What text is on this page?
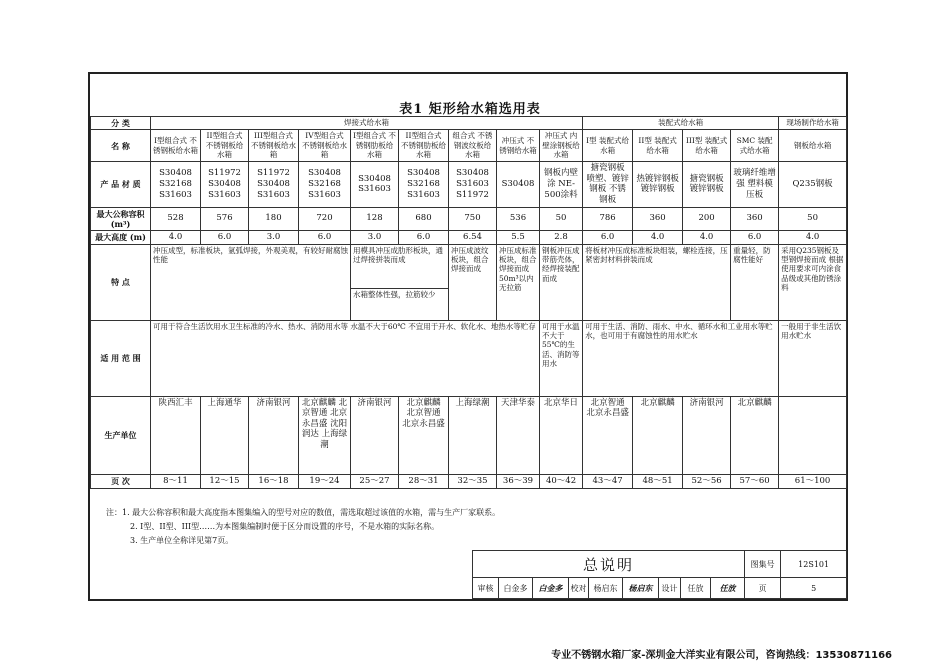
表1 矩形给水箱选用表
分 类	焊接式给水箱									装配式给水箱				现场制作给水箱
名 称	I型组合式 不锈钢板给水箱	II型组合式 不锈钢板给水箱	III型组合式 不锈钢板给水箱	IV型组合式 不锈钢板给水箱	I型组合式 不锈钢肋板给水箱	II型组合式 不锈钢肋板给水箱	组合式 不锈钢波纹板给水箱	冲压式 不锈钢给水箱	冲压式 内壁涂钢板给水箱	I型 装配式给水箱	II型 装配式给水箱	III型 装配式给水箱	SMC 装配式给水箱	钢板给水箱
产 品 材 质	S30408 S32168 S31603	S11972 S30408 S31603	S11972 S30408 S31603	S30408 S32168 S31603	S30408 S31603	S30408 S32168 S31603	S30408 S31603 S11972	S30408	钢板内壁涂 NE-500涂料	搪瓷钢板 喷塑、镀锌钢板 不锈钢板	热镀锌钢板 镀锌钢板	搪瓷钢板 镀锌钢板	玻璃纤维增强 塑料模压板	Q235钢板
最大公称容积(m³)	528	576	180	720	128	680	750	536	50	786	360	200	360	50
最大高度 (m)	4.0	6.0	3.0	6.0	3.0	6.0	6.54	5.5	2.8	6.0	4.0	4.0	6.0	4.0
特 点	冲压成型，标准板块，氩弧焊接，外观美观，有较好耐腐蚀性能				用模具冲压成肋形板块，通过焊接拼装而成		冲压成波纹板块，组合焊接而成	冲压成标准板块，组合焊接而成 50m³以内无拉筋	钢板冲压成带筋壳体，经焊接装配而成	将板材冲压成标准板块组装，螺栓连接，压紧密封材料拼装而成			重量轻，防腐性能好	采用Q235钢板及型钢焊接而成 根据使用要求可内涂食品级或其他防锈涂料
					水箱整体性强，拉筋较少									
适 用 范 围	可用于符合生活饮用水卫生标准的冷水、热水、消防用水等 水温不大于60℃ 不宜用于开水、软化水、地热水等贮存								可用于水温不大于55℃的生活、消防等用水	可用于生活、消防、雨水、中水、循环水和工业用水等贮水，也可用于有腐蚀性的用水贮水				一般用于非生活饮用水贮水
生产单位	陕西汇丰	上海通华	济南银河	北京麒麟 北京智通 北京永昌盛 沈阳润达 上海绿潮	济南银河	北京麒麟 北京智通 北京永昌盛	上海绿潮	天津华泰	北京华日	北京智通 北京永昌盛	北京麒麟	济南银河	北京麒麟	
页 次	8～11	12～15	16～18	19～24	25～27	28～31	32～35	36～39	40～42	43～47	48～51	52～56	57～60	61～100
注：1. 最大公称容积和最大高度指本图集编入的型号对应的数值，需选取超过该值的水箱，需与生产厂家联系。
2. I型、II型、III型……为本图集编制时便于区分而设置的序号，不是水箱的实际名称。
3. 生产单位全称详见第7页。
总说明									图集号	12S101
审核	白金多	白金多	校对	杨启东	杨启东	设计	任放	任放	页	5
专业不锈钢水箱厂家-深圳金大洋实业有限公司，咨询热线：13530871166
